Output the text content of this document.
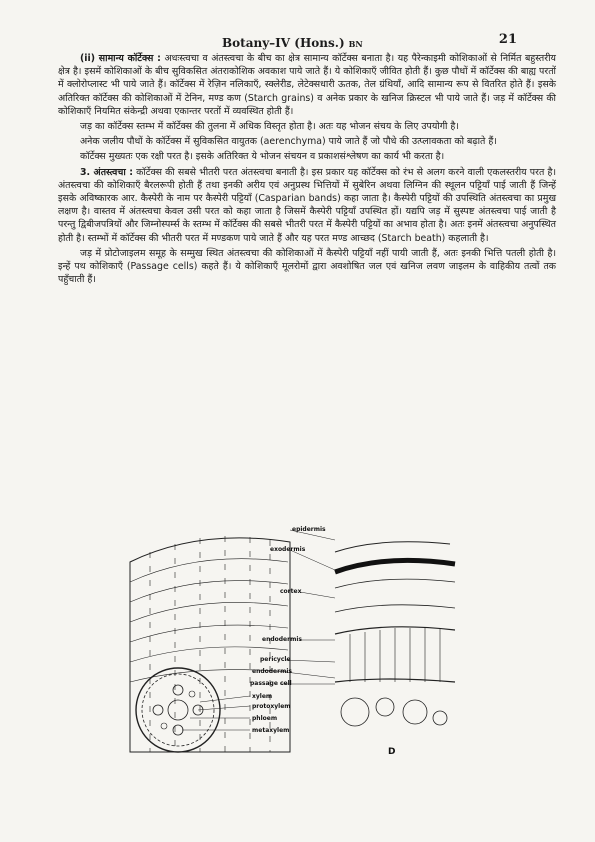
Botany–IV (Hons.) BN	21

(ii) सामान्य कॉर्टेक्स : अधःस्त्वचा व अंतस्त्वचा के बीच का क्षेत्र सामान्य कॉर्टेक्स बनाता है। यह पैरेन्काइमी कोशिकाओं से निर्मित बहुस्तरीय क्षेत्र है। इसमें कोशिकाओं के बीच सुविकसित अंतराकोशिक अवकाश पाये जाते हैं। ये कोशिकाएँ जीवित होती हैं। कुछ पौधों में कॉर्टेक्स की बाह्य परतों में क्लोरोप्लास्ट भी पाये जाते हैं। कॉर्टेक्स में रेज़िन नलिकाएँ, स्क्लेरीड, लेटेक्सधारी ऊतक, तेल ग्रंथियाँ, आदि सामान्य रूप से वितरित होते हैं। इसके अतिरिक्त कॉर्टेक्स की कोशिकाओं में टेनिन, मण्ड कण (Starch grains) व अनेक प्रकार के खनिज क्रिस्टल भी पाये जाते हैं। जड़ में कॉर्टेक्स की कोशिकाएँ नियमित संकेन्द्री अथवा एकान्तर परतों में व्यवस्थित होती हैं।

जड़ का कॉर्टेक्स स्तम्भ में कॉर्टेक्स की तुलना में अधिक विस्तृत होता है। अतः यह भोजन संचय के लिए उपयोगी है।

अनेक जलीय पौधों के कॉर्टेक्स में सुविकसित वायुतक (aerenchyma) पाये जाते हैं जो पौधे की उत्प्लावकता को बढ़ाते हैं।

कॉर्टेक्स मुख्यतः एक रक्षी परत है। इसके अतिरिक्त ये भोजन संचयन व प्रकाशसंश्लेषण का कार्य भी करता है।

3. अंतस्त्वचा : कॉर्टेक्स की सबसे भीतरी परत अंतस्त्वचा बनाती है। इस प्रकार यह कॉर्टेक्स को रंभ से अलग करने वाली एकलस्तरीय परत है। अंतस्त्वचा की कोशिकाएँ बैरलरूपी होती हैं तथा इनकी अरीय एवं अनुप्रस्थ भित्तियों में सुबेरिन अथवा लिग्निन की स्थूलन पट्टियाँ पाई जाती हैं जिन्हें इसके अविष्कारक आर. कैस्पेरी के नाम पर कैस्पेरी पट्टियाँ (Casparian bands) कहा जाता है। कैस्पेरी पट्टियों की उपस्थिति अंतस्त्वचा का प्रमुख लक्षण है। वास्तव में अंतस्त्वचा केवल उसी परत को कहा जाता है जिसमें कैस्पेरी पट्टियाँ उपस्थित हों। यद्यपि जड़ में सुस्पष्ट अंतस्त्वचा पाई जाती है परन्तु द्विबीजपत्रियों और जिम्नोस्पर्म्स के स्तम्भ में कॉर्टेक्स की सबसे भीतरी परत में कैस्पेरी पट्टियों का अभाव होता है। अतः इनमें अंतस्त्वचा अनुपस्थित होती है। स्तम्भों में कॉर्टेक्स की भीतरी परत में मण्डकण पाये जाते हैं और यह परत मण्ड आच्छद (Starch beath) कहलाती है।

जड़ में प्रोटोजाइलम समूह के सम्मुख स्थित अंतस्त्वचा की कोशिकाओं में कैस्पेरी पट्टियाँ नहीं पायी जाती हैं, अतः इनकी भित्ति पतली होती है। इन्हें पथ कोशिकाएँ (Passage cells) कहते हैं। ये कोशिकाएँ मूलरोमों द्वारा अवशोषित जल एवं खनिज लवण जाइलम के वाहिकीय तत्वों तक पहुँचाती हैं।

epidermis
exodermis
cortex
endodermis
pericycle
endodermis
passage cell
xylem
protoxylem
phloem
metaxylem
D
